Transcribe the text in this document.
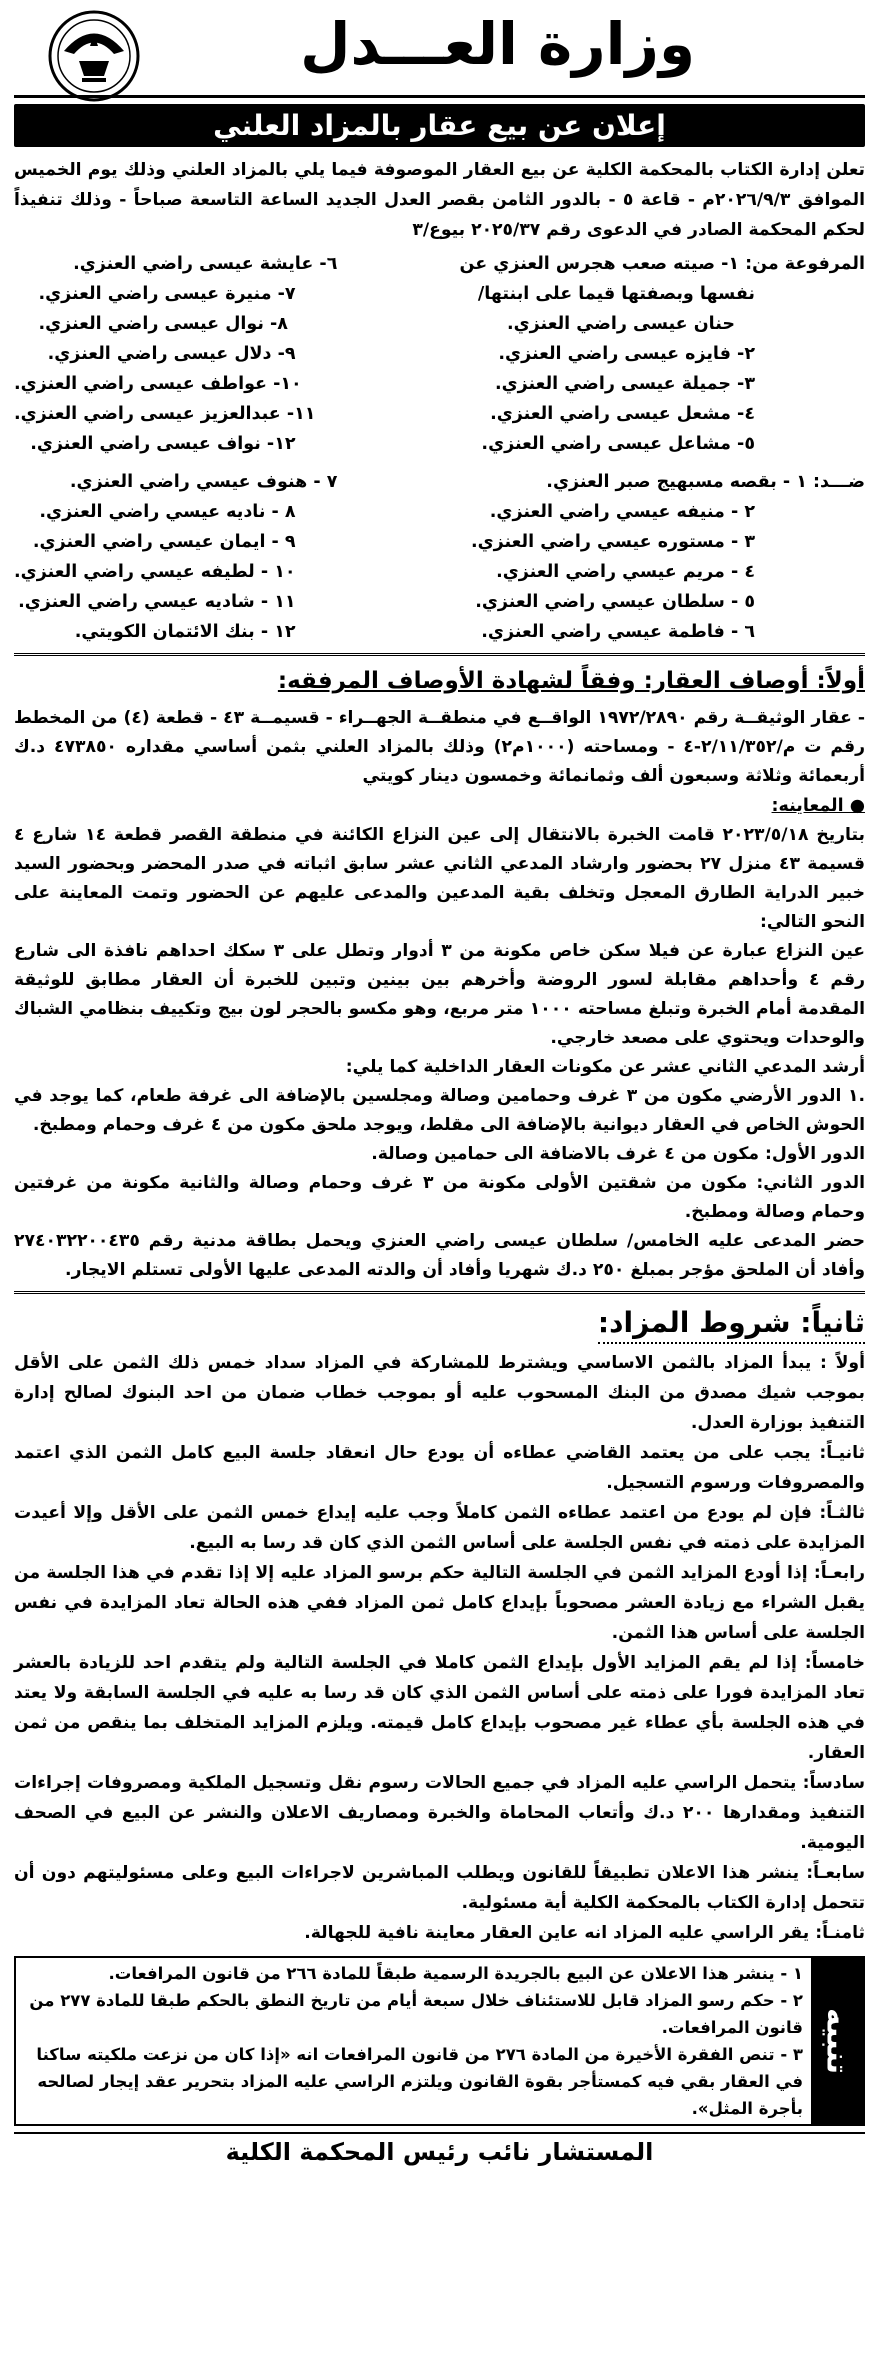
وزارة العـــدل
إعلان عن بيع عقار بالمزاد العلني

تعلن إدارة الكتاب بالمحكمة الكلية عن بيع العقار الموصوفة فيما يلي بالمزاد العلني وذلك يوم الخميس الموافق ٢٠٢٦/٩/٣م - قاعة ٥ - بالدور الثامن بقصر العدل الجديد الساعة التاسعة صباحاً - وذلك تنفيذاً لحكم المحكمة الصادر في الدعوى رقم ٢٠٢٥/٣٧ بيوع/٣

المرفوعة من: ١- صيته صعب هجرس العنزي عن
٦- عايشة عيسى راضي العنزي.
نفسها وبصفتها قيما على ابنتها/
٧- منيرة عيسى راضي العنزي.
حنان عيسى راضي العنزي.
٨- نوال عيسى راضي العنزي.
٢- فايزه عيسى راضي العنزي.
٩- دلال عيسى راضي العنزي.
٣- جميلة عيسى راضي العنزي.
١٠- عواطف عيسى راضي العنزي.
٤- مشعل عيسى راضي العنزي.
١١- عبدالعزيز عيسى راضي العنزي.
٥- مشاعل عيسى راضي العنزي.
١٢- نواف عيسى راضي العنزي.
ضـــد: ١ - بقصه مسبهيج صبر العنزي.
٧ - هنوف عيسي راضي العنزي.
٢ - منيفه عيسي راضي العنزي.
٨ - ناديه عيسي راضي العنزي.
٣ - مستوره عيسي راضي العنزي.
٩ - ايمان عيسي راضي العنزي.
٤ - مريم عيسي راضي العنزي.
١٠ - لطيفه عيسي راضي العنزي.
٥ - سلطان عيسي راضي العنزي.
١١ - شاديه عيسي راضي العنزي.
٦ - فاطمة عيسي راضي العنزي.
١٢ - بنك الائتمان الكويتي.
أولاً: أوصاف العقار: وفقاً لشهادة الأوصاف المرفقه:

- عقار الوثيقــة رقم ١٩٧٢/٢٨٩٠ الواقــع في منطقــة الجهــراء - قسيمــة ٤٣ - قطعة (٤) من المخطط رقم ت م/٢/١١/٣٥٢-٤ - ومساحته (١٠٠٠م٢) وذلك بالمزاد العلني بثمن أساسي مقداره ٤٧٣٨٥٠ د.ك أربعمائة وثلاثة وسبعون ألف وثمانمائة وخمسون دينار كويتي

● المعاينه:

بتاريخ ٢٠٢٣/٥/١٨ قامت الخبرة بالانتقال إلى عين النزاع الكائنة في منطقة القصر قطعة ١٤ شارع ٤ قسيمة ٤٣ منزل ٢٧ بحضور وارشاد المدعي الثاني عشر سابق اثباته في صدر المحضر وبحضور السيد خبير الدراية الطارق المعجل وتخلف بقية المدعين والمدعى عليهم عن الحضور وتمت المعاينة على النحو التالي:

عين النزاع عبارة عن فيلا سكن خاص مكونة من ٣ أدوار وتطل على ٣ سكك احداهم نافذة الى شارع رقم ٤ وأحداهم مقابلة لسور الروضة وأخرهم بين بينين وتبين للخبرة أن العقار مطابق للوثيقة المقدمة أمام الخبرة وتبلغ مساحته ١٠٠٠ متر مربع، وهو مكسو بالحجر لون بيج وتكييف بنظامي الشباك والوحدات ويحتوي على مصعد خارجي.

أرشد المدعي الثاني عشر عن مكونات العقار الداخلية كما يلي:

.١ الدور الأرضي مكون من ٣ غرف وحمامين وصالة ومجلسين بالإضافة الى غرفة طعام، كما يوجد في الحوش الخاص في العقار ديوانية بالإضافة الى مقلط، ويوجد ملحق مكون من ٤ غرف وحمام ومطبخ.

الدور الأول: مكون من ٤ غرف بالاضافة الى حمامين وصالة.

الدور الثاني: مكون من شقتين الأولى مكونة من ٣ غرف وحمام وصالة والثانية مكونة من غرفتين وحمام وصالة ومطبخ.

حضر المدعى عليه الخامس/ سلطان عيسى راضي العنزي ويحمل بطاقة مدنية رقم ٢٧٤٠٣٢٢٠٠٤٣٥ وأفاد أن الملحق مؤجر بمبلغ ٢٥٠ د.ك شهريا وأفاد أن والدته المدعى عليها الأولى تستلم الايجار.

ثانياً: شروط المزاد:

أولاً : يبدأ المزاد بالثمن الاساسي ويشترط للمشاركة في المزاد سداد خمس ذلك الثمن على الأقل بموجب شيك مصدق من البنك المسحوب عليه أو بموجب خطاب ضمان من احد البنوك لصالح إدارة التنفيذ بوزارة العدل.

ثانيـاً: يجب على من يعتمد القاضي عطاءه أن يودع حال انعقاد جلسة البيع كامل الثمن الذي اعتمد والمصروفات ورسوم التسجيل.

ثالثـاً: فإن لم يودع من اعتمد عطاءه الثمن كاملاً وجب عليه إيداع خمس الثمن على الأقل وإلا أعيدت المزايدة على ذمته في نفس الجلسة على أساس الثمن الذي كان قد رسا به البيع.

رابعـاً: إذا أودع المزايد الثمن في الجلسة التالية حكم برسو المزاد عليه إلا إذا تقدم في هذا الجلسة من يقبل الشراء مع زيادة العشر مصحوباً بإيداع كامل ثمن المزاد ففي هذه الحالة تعاد المزايدة في نفس الجلسة على أساس هذا الثمن.

خامساً: إذا لم يقم المزايد الأول بإيداع الثمن كاملا في الجلسة التالية ولم يتقدم احد للزيادة بالعشر تعاد المزايدة فورا على ذمته على أساس الثمن الذي كان قد رسا به عليه في الجلسة السابقة ولا يعتد في هذه الجلسة بأي عطاء غير مصحوب بإيداع كامل قيمته. ويلزم المزايد المتخلف بما ينقص من ثمن العقار.

سادساً: يتحمل الراسي عليه المزاد في جميع الحالات رسوم نقل وتسجيل الملكية ومصروفات إجراءات التنفيذ ومقدارها ٢٠٠ د.ك وأتعاب المحاماة والخبرة ومصاريف الاعلان والنشر عن البيع في الصحف اليومية.

سابعـاً: ينشر هذا الاعلان تطبيقاً للقانون ويطلب المباشرين لاجراءات البيع وعلى مسئوليتهم دون أن تتحمل إدارة الكتاب بالمحكمة الكلية أية مسئولية.

ثامنـاً: يقر الراسي عليه المزاد انه عاين العقار معاينة نافية للجهالة.

تنبيه
١ - ينشر هذا الاعلان عن البيع بالجريدة الرسمية طبقاً للمادة ٢٦٦ من قانون المرافعات.
٢ - حكم رسو المزاد قابل للاستئناف خلال سبعة أيام من تاريخ النطق بالحكم طبقا للمادة ٢٧٧ من قانون المرافعات.
٣ - تنص الفقرة الأخيرة من المادة ٢٧٦ من قانون المرافعات انه «إذا كان من نزعت ملكيته ساكنا في العقار بقي فيه كمستأجر بقوة القانون ويلتزم الراسي عليه المزاد بتحرير عقد إيجار لصالحه بأجرة المثل».
المستشار نائب رئيس المحكمة الكلية
